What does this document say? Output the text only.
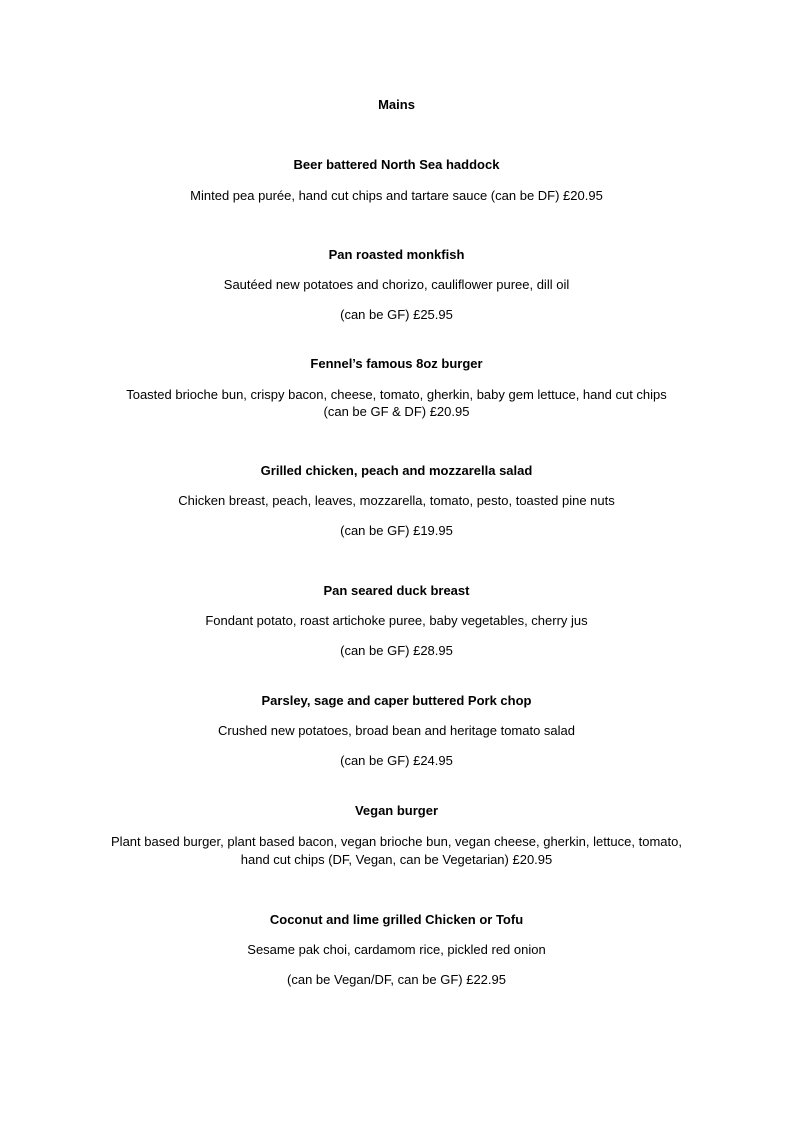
Mains
Beer battered North Sea haddock
Minted pea purée, hand cut chips and tartare sauce (can be DF) £20.95
Pan roasted monkfish
Sautéed new potatoes and chorizo, cauliflower puree, dill oil
(can be GF) £25.95
Fennel’s famous 8oz burger
Toasted brioche bun, crispy bacon, cheese, tomato, gherkin, baby gem lettuce, hand cut chips
(can be GF & DF) £20.95
Grilled chicken, peach and mozzarella salad
Chicken breast, peach, leaves, mozzarella, tomato, pesto, toasted pine nuts
(can be GF) £19.95
Pan seared duck breast
Fondant potato, roast artichoke puree, baby vegetables, cherry jus
(can be GF) £28.95
Parsley, sage and caper buttered Pork chop
Crushed new potatoes, broad bean and heritage tomato salad
(can be GF) £24.95
Vegan burger
Plant based burger, plant based bacon, vegan brioche bun, vegan cheese, gherkin, lettuce, tomato,
hand cut chips (DF, Vegan, can be Vegetarian) £20.95
Coconut and lime grilled Chicken or Tofu
Sesame pak choi, cardamom rice, pickled red onion
(can be Vegan/DF, can be GF) £22.95
